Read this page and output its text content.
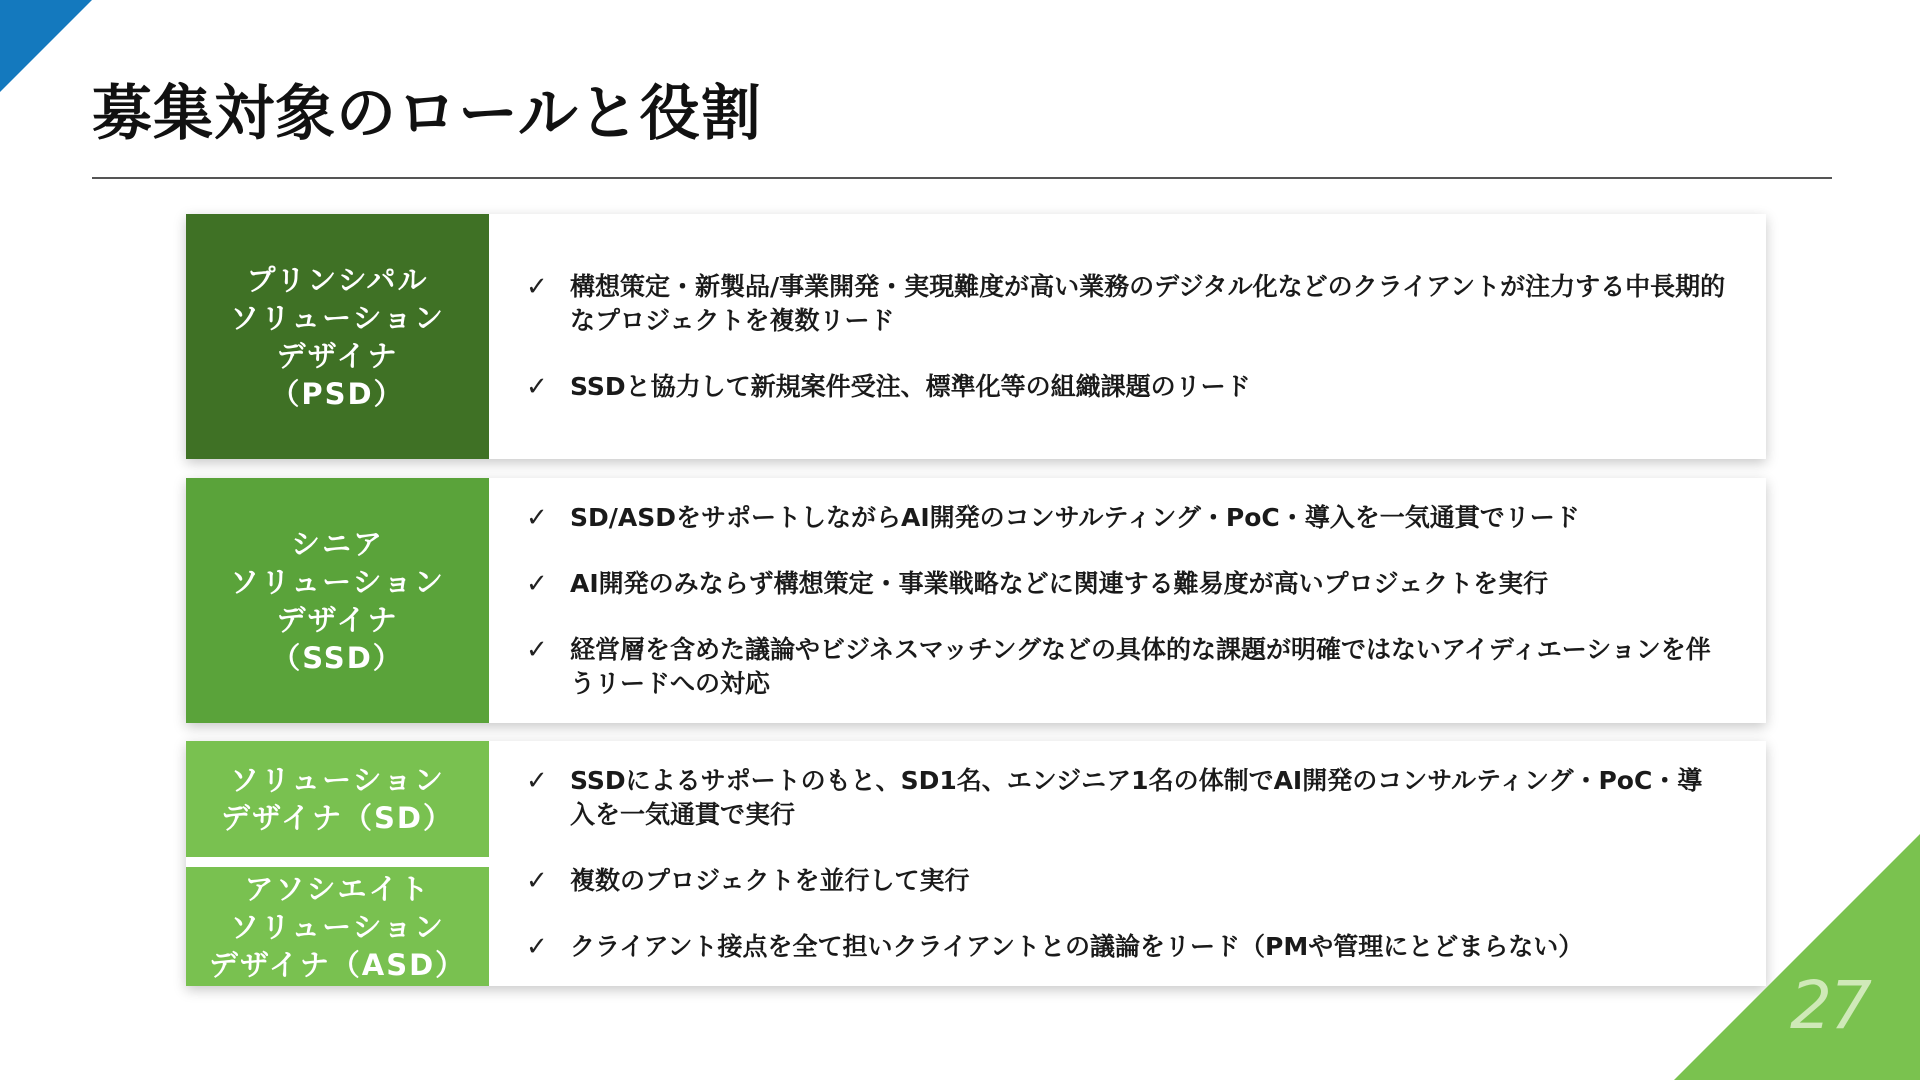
募集対象のロールと役割
プリンシパル
ソリューション
デザイナ
（PSD）
✓ 構想策定・新製品/事業開発・実現難度が高い業務のデジタル化などのクライアントが注力する中長期的なプロジェクトを複数リード
✓ SSDと協力して新規案件受注、標準化等の組織課題のリード
シニア
ソリューション
デザイナ
（SSD）
✓ SD/ASDをサポートしながらAI開発のコンサルティング・PoC・導入を一気通貫でリード
✓ AI開発のみならず構想策定・事業戦略などに関連する難易度が高いプロジェクトを実行
✓ 経営層を含めた議論やビジネスマッチングなどの具体的な課題が明確ではないアイディエーションを伴うリードへの対応
ソリューション
デザイナ（SD）
アソシエイト
ソリューション
デザイナ（ASD）
✓ SSDによるサポートのもと、SD1名、エンジニア1名の体制でAI開発のコンサルティング・PoC・導入を一気通貫で実行
✓ 複数のプロジェクトを並行して実行
✓ クライアント接点を全て担いクライアントとの議論をリード（PMや管理にとどまらない）
27
